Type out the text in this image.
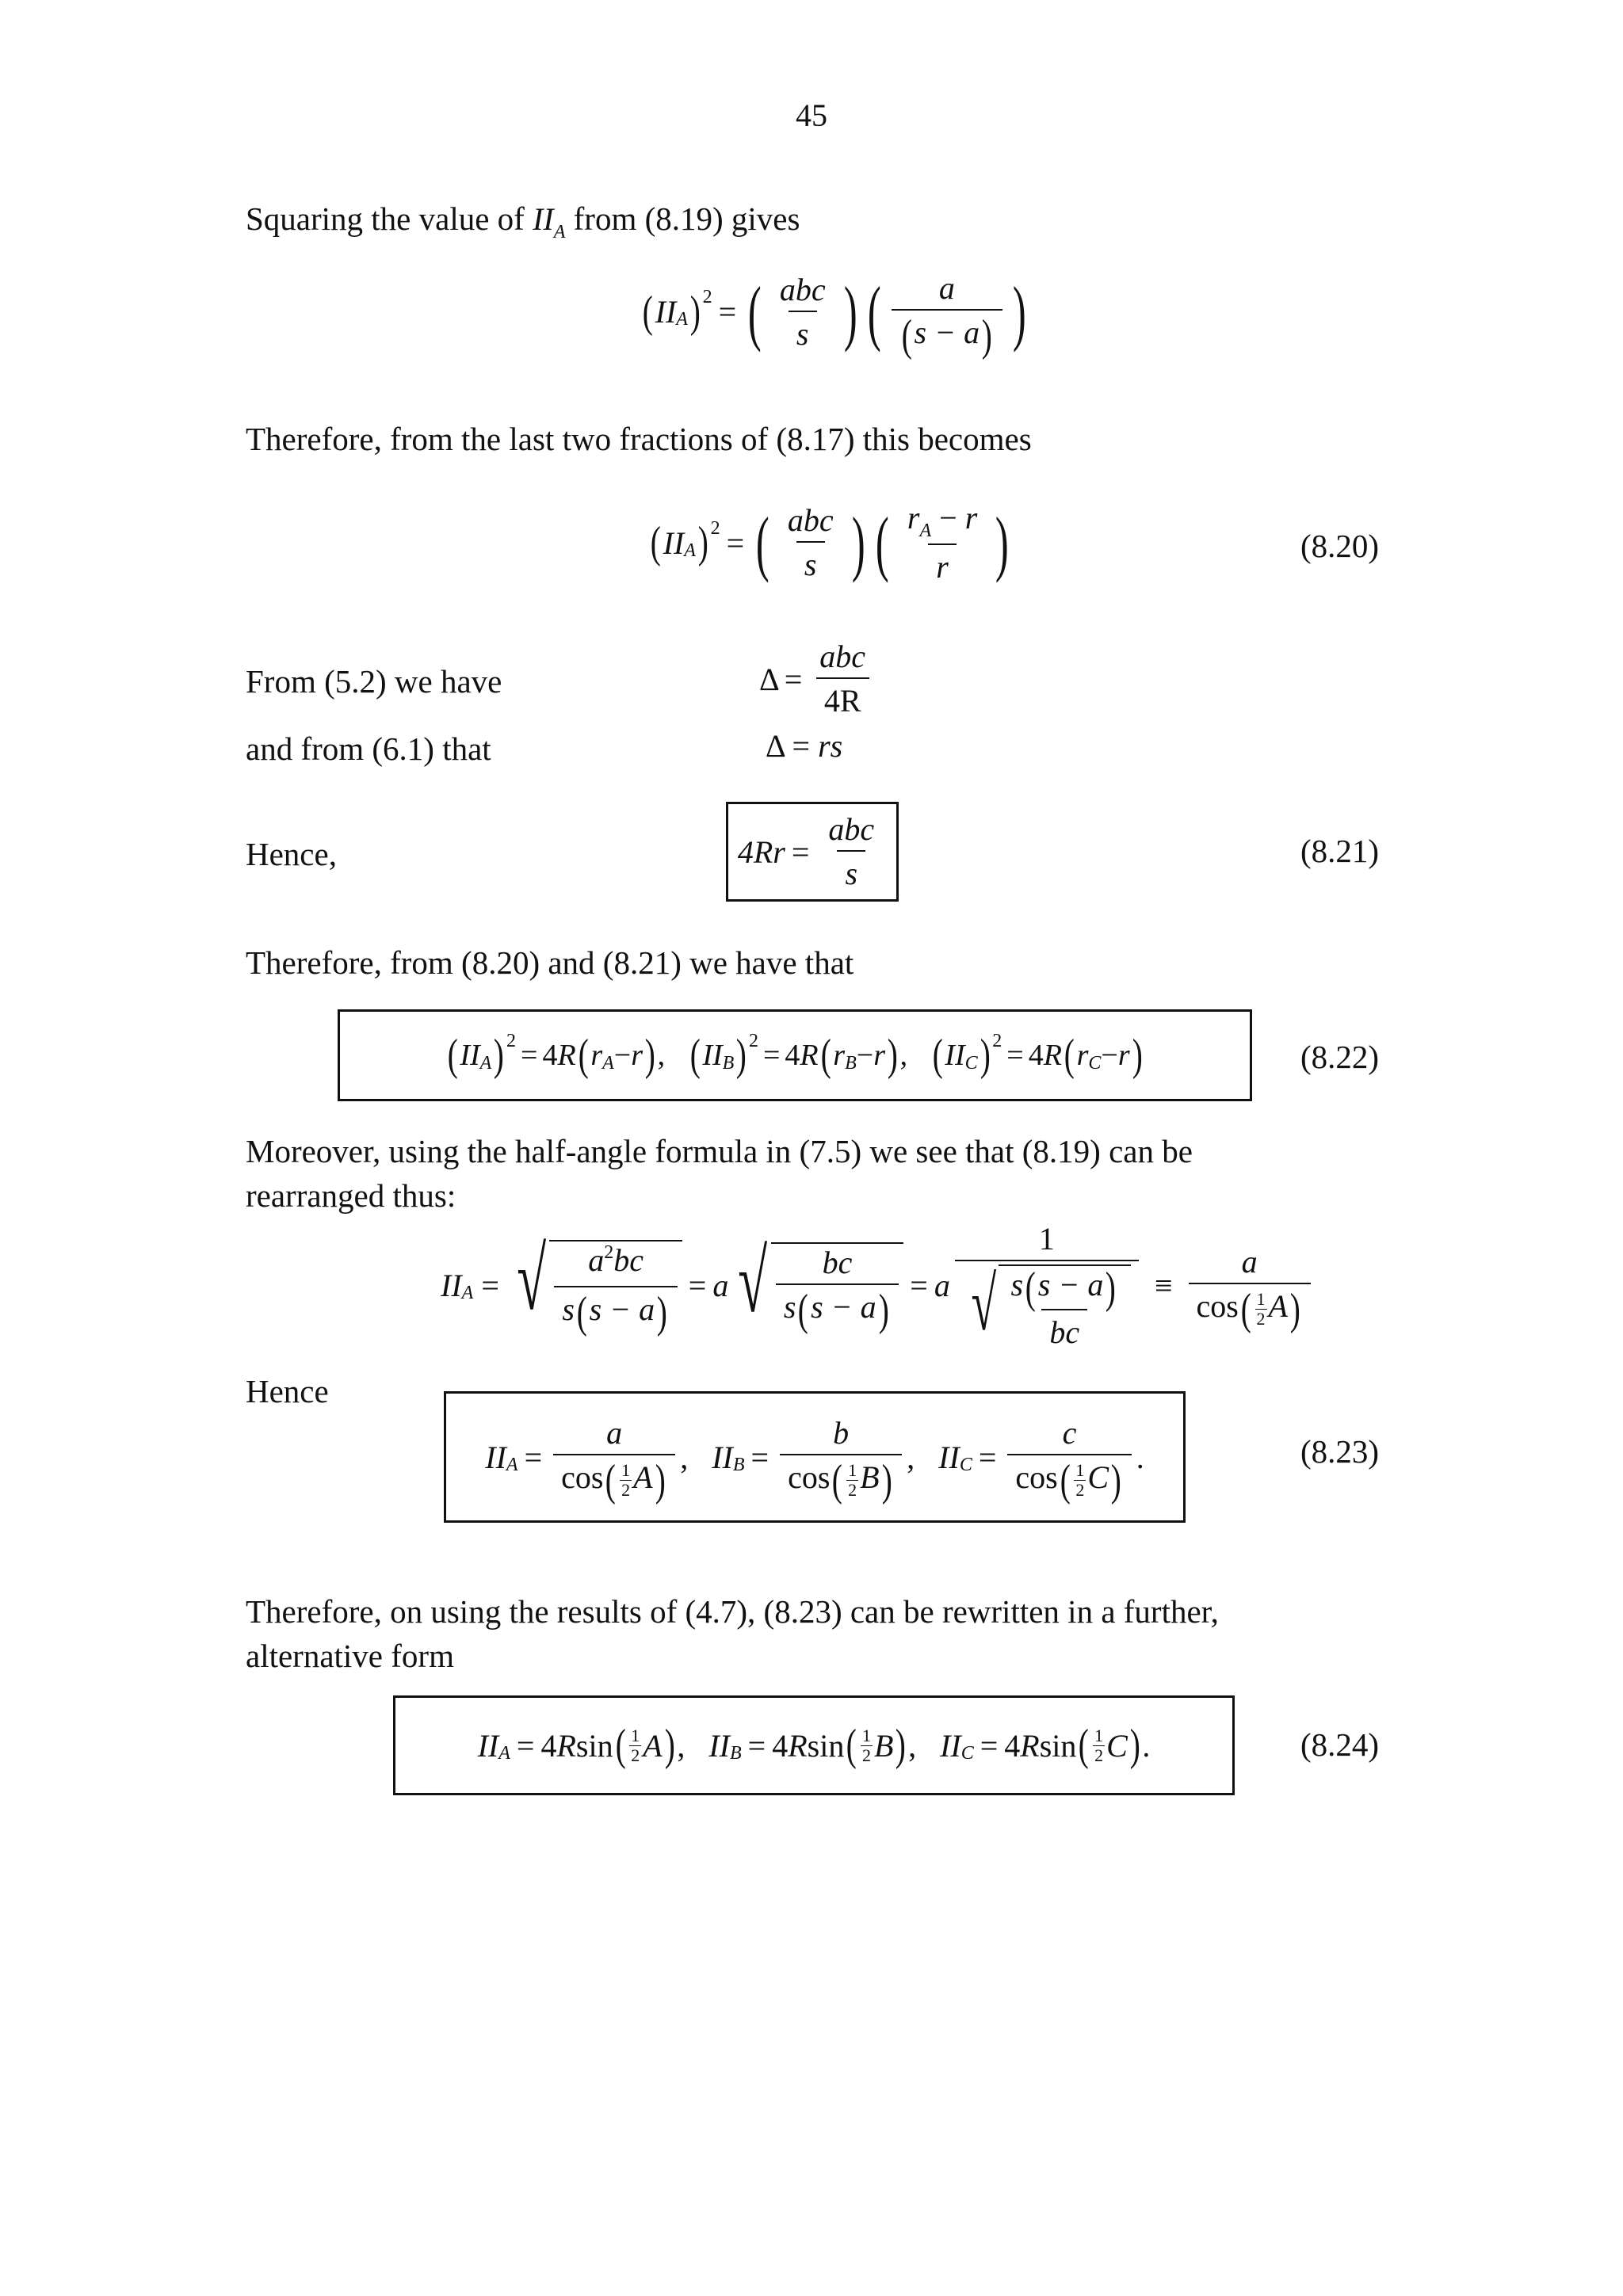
45
Squaring the value of $II_A$ from (8.19) gives
( II A ) 2 = ( $\frac{\text{abc}}{s}$ ) ( $\frac{a}{(s - a)}$ )
Therefore, from the last two fractions of (8.17) this becomes
( II A ) 2 = ( $\frac{\text{abc}}{s}$ ) ( $\frac{r_A - r}{r}$ )	(8.20)
From (5.2) we have	$\Delta = \frac{\text{abc}}{4R}$
and from (6.1) that	Δ = rs
Hence,	$4Rr = \frac{\text{abc}}{s}$	(8.21)
Therefore, from (8.20) and (8.21) we have that
( II A ) 2 = 4 R ( r A − r ) , ( II B ) 2 = 4 R ( r B − r ) , ( II C ) 2 = 4 R ( r C − r )	(8.22)
Moreover, using the half-angle formula in (7.5) we see that (8.19) can be rearranged thus:
II A = √ $\frac{a^2bc}{s(s - a)} = a$ √ $\frac{bc}{s(s - a)} = a \frac{1}{√ \frac{s(s - a)}{bc}} \equiv \frac{a}{\cos( \frac{1}{2} A)}$
Hence
II $A = \frac{a}{\cos( \frac{1}{2} A)}$ , II $B = \frac{b}{\cos( \frac{1}{2} B)}$ , II $C = \frac{c}{\cos( \frac{1}{2} C)}$ .	(8.23)
Therefore, on using the results of (4.7), (8.23) can be rewritten in a further, alternative form
II A = 4 R sin ( 1
2 A ) , II B = 4 R sin ( 1
2 B ) , II C = 4 R sin ( 1
2 C ) .	(8.24)
